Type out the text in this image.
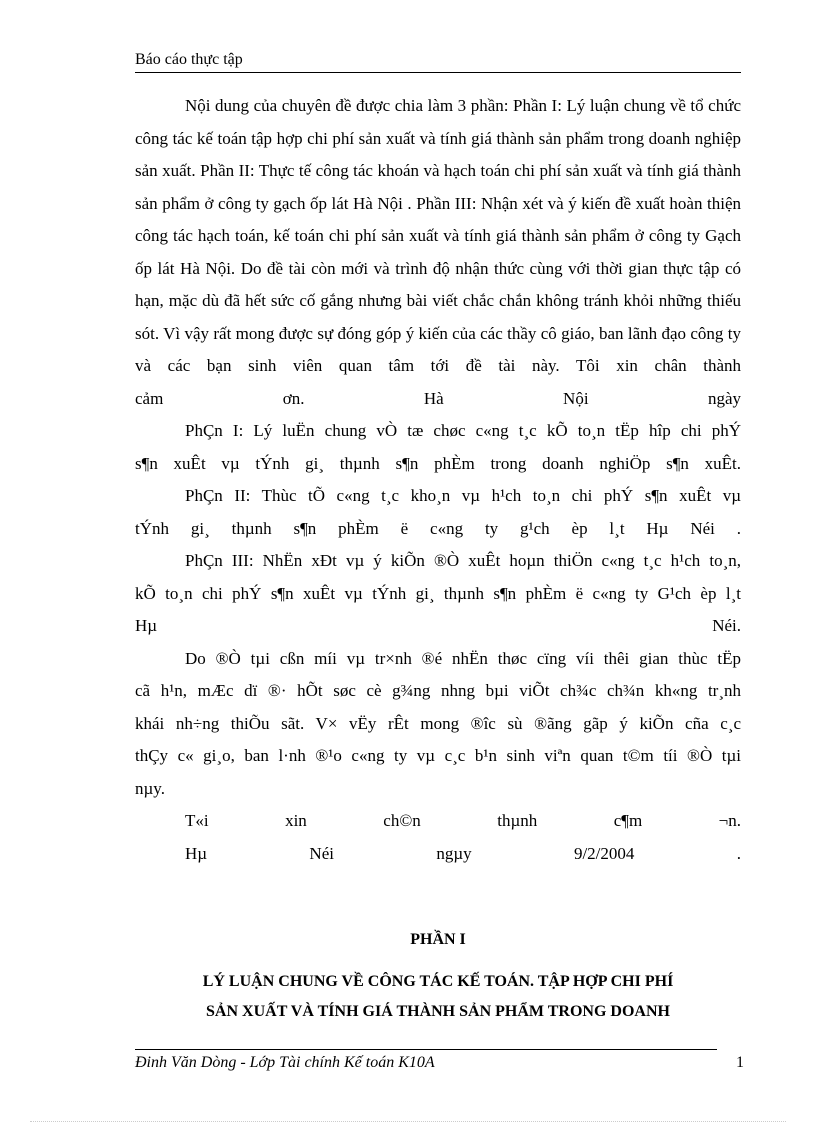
Báo cáo thực tập

Nội dung của chuyên đề được chia làm 3 phần: Phần I: Lý luận chung về tổ chức công tác kế toán tập hợp chi phí sản xuất và tính giá thành sản phẩm trong doanh nghiệp sản xuất. Phần II: Thực tế công tác khoán và hạch toán chi phí sản xuất và tính giá thành sản phẩm ở công ty gạch ốp lát Hà Nội . Phần III: Nhận xét và ý kiến đề xuất hoàn thiện công tác hạch toán, kế toán chi phí sản xuất và tính giá thành sản phẩm ở công ty Gạch ốp lát Hà Nội. Do đề tài còn mới và trình độ nhận thức cùng với thời gian thực tập có hạn, mặc dù đã hết sức cố gắng nhưng bài viết chắc chắn không tránh khỏi những thiếu sót. Vì vậy rất mong được sự đóng góp ý kiến của các thầy cô giáo, ban lãnh đạo công ty và các bạn sinh viên quan tâm tới đề tài này. Tôi xin chân thành

cảm ơn. Hà Nội ngày

PhÇn I: Lý luËn chung vÒ tæ chøc c«ng t¸c kÕ to¸n tËp hîp chi phÝ

s¶n xuÊt vµ tÝnh gi¸ thµnh s¶n phÈm trong doanh nghiÖp s¶n xuÊt.

PhÇn II: Thùc tÕ c«ng t¸c kho¸n vµ h¹ch to¸n chi phÝ s¶n xuÊt vµ

tÝnh gi¸ thµnh s¶n phÈm ë c«ng ty g¹ch èp l¸t Hµ Néi .

PhÇn III: NhËn xÐt vµ ý kiÕn ®Ò xuÊt hoµn thiÖn c«ng t¸c h¹ch to¸n,

kÕ to¸n chi phÝ s¶n xuÊt vµ tÝnh gi¸ thµnh s¶n phÈm ë c«ng ty G¹ch èp l¸t

Hµ Néi.

Do ®Ò tµi cßn míi vµ tr×nh ®é nhËn thøc cïng víi thêi gian thùc tËp

cã h¹n, mÆc dï ®· hÕt søc cè g¾ng nhng bµi viÕt ch¾c ch¾n kh«ng tr¸nh

khái nh÷ng thiÕu sãt. V× vËy rÊt mong ®îc sù ®ãng gãp ý kiÕn cña c¸c

thÇy c« gi¸o, ban l·nh ®¹o c«ng ty vµ c¸c b¹n sinh viªn quan t©m tíi ®Ò tµi

nµy.

T«i xin ch©n thµnh c¶m ¬n.

Hµ Néi ngµy 9/2/2004 .

PHẦN I

LÝ LUẬN CHUNG VỀ CÔNG TÁC KẾ TOÁN. TẬP HỢP CHI PHÍ

SẢN XUẤT VÀ TÍNH GIÁ THÀNH SẢN PHẨM TRONG DOANH

Đinh Văn Dòng - Lớp Tài chính Kế toán K10A	1
